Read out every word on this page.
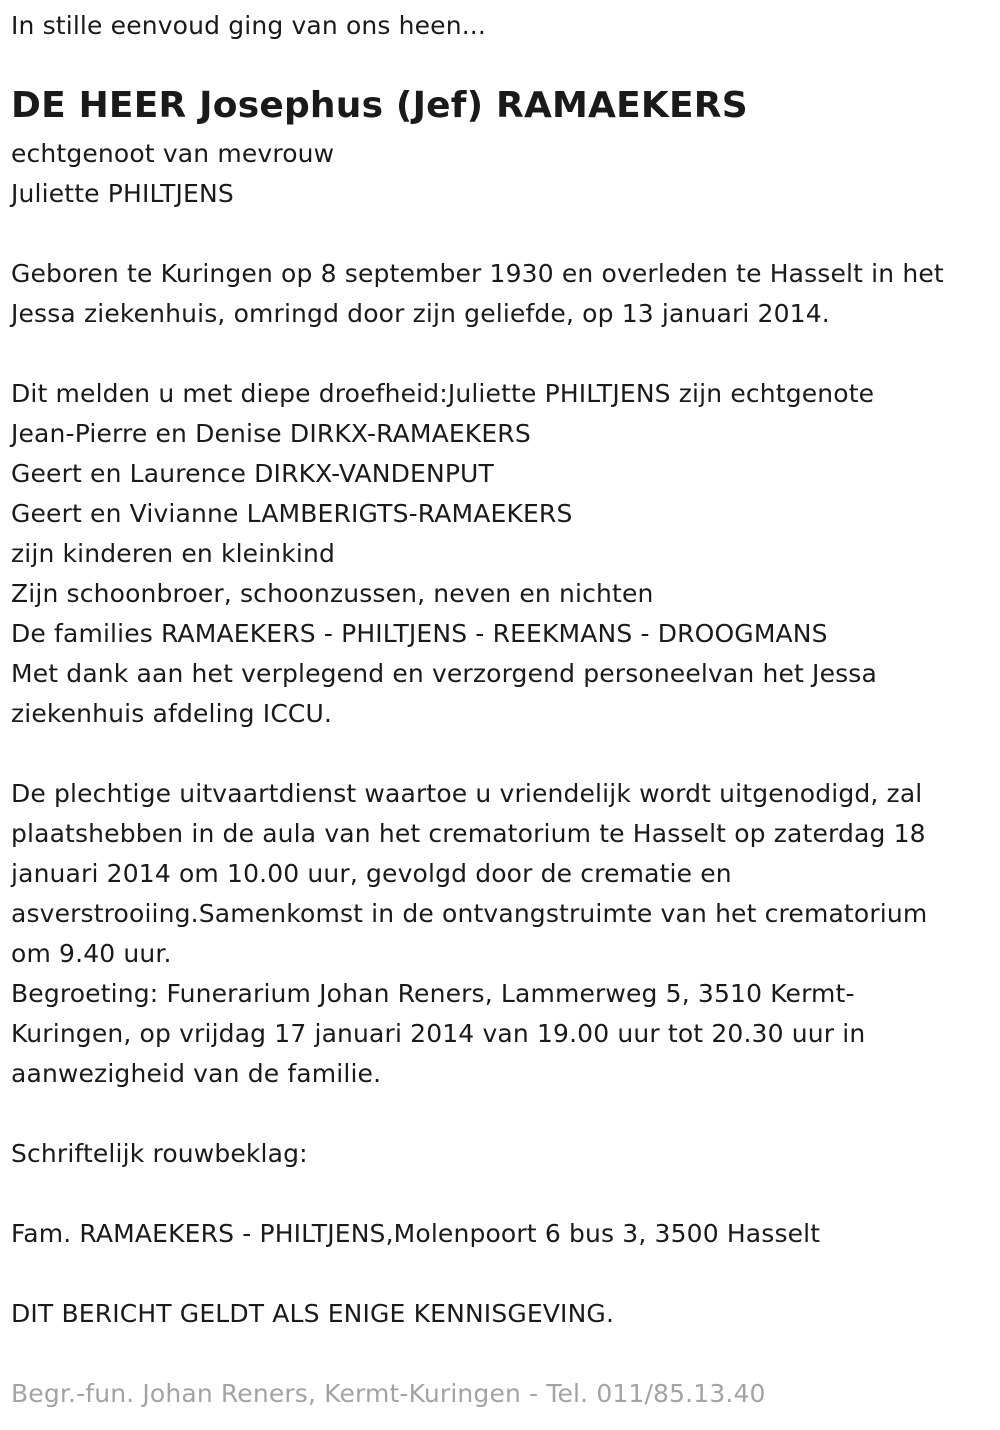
In stille eenvoud ging van ons heen...

DE HEER Josephus (Jef) RAMAEKERS

echtgenoot van mevrouw

Juliette PHILTJENS

Geboren te Kuringen op 8 september 1930 en overleden te Hasselt in het

Jessa ziekenhuis, omringd door zijn geliefde, op 13 januari 2014.

Dit melden u met diepe droefheid:Juliette PHILTJENS zijn echtgenote

Jean-Pierre en Denise DIRKX-RAMAEKERS

Geert en Laurence DIRKX-VANDENPUT

Geert en Vivianne LAMBERIGTS-RAMAEKERS

zijn kinderen en kleinkind

Zijn schoonbroer, schoonzussen, neven en nichten

De families RAMAEKERS - PHILTJENS - REEKMANS - DROOGMANS

Met dank aan het verplegend en verzorgend personeelvan het Jessa

ziekenhuis afdeling ICCU.

De plechtige uitvaartdienst waartoe u vriendelijk wordt uitgenodigd, zal

plaatshebben in de aula van het crematorium te Hasselt op zaterdag 18

januari 2014 om 10.00 uur, gevolgd door de crematie en

asverstrooiing.Samenkomst in de ontvangstruimte van het crematorium

om 9.40 uur.

Begroeting: Funerarium Johan Reners, Lammerweg 5, 3510 Kermt-

Kuringen, op vrijdag 17 januari 2014 van 19.00 uur tot 20.30 uur in

aanwezigheid van de familie.

Schriftelijk rouwbeklag:

Fam. RAMAEKERS - PHILTJENS,Molenpoort 6 bus 3, 3500 Hasselt

DIT BERICHT GELDT ALS ENIGE KENNISGEVING.

Begr.-fun. Johan Reners, Kermt-Kuringen - Tel. 011/85.13.40
